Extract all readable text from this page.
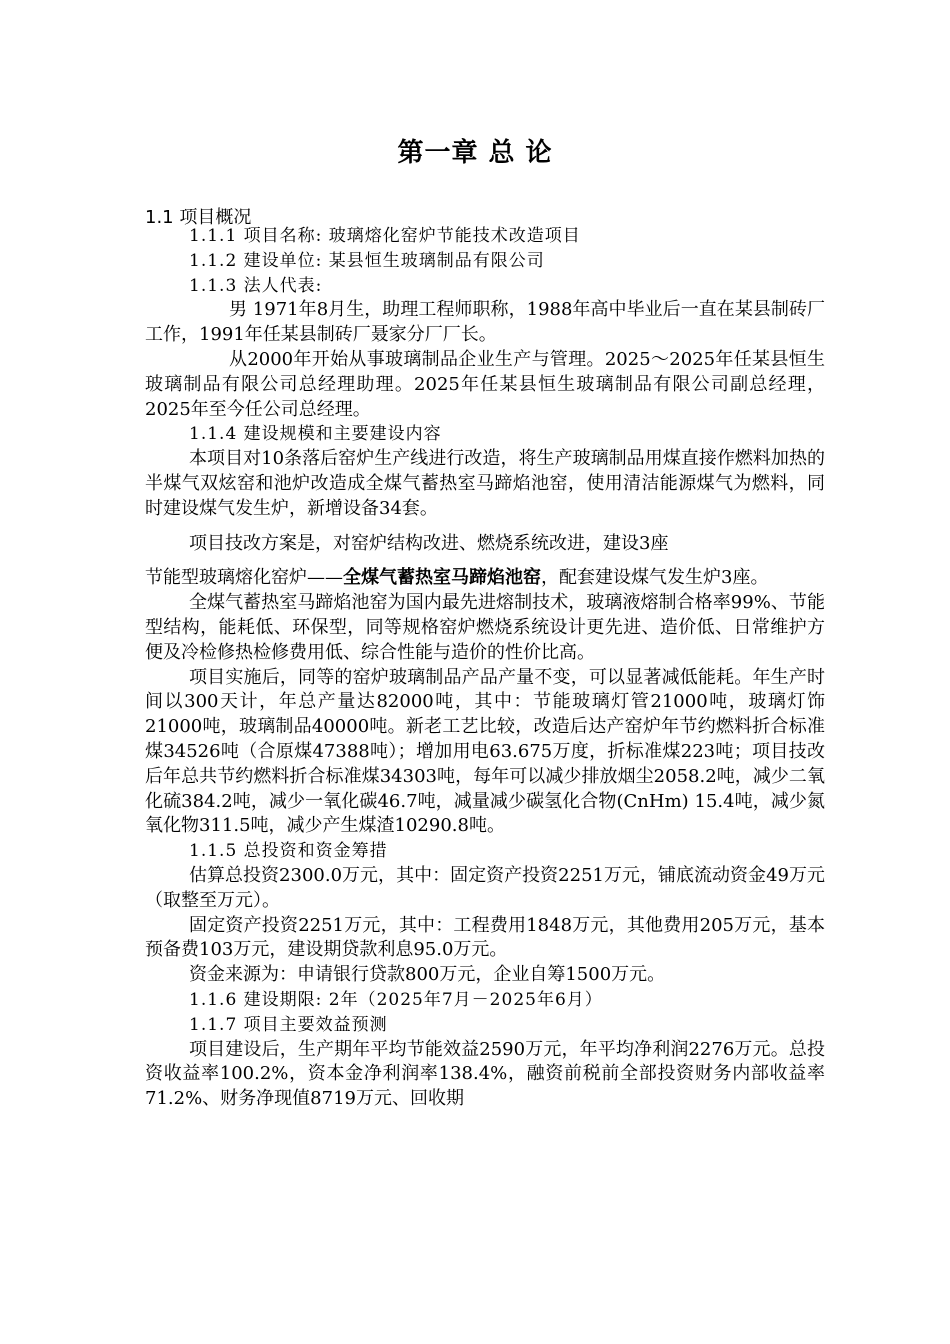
第一章 总 论
1.1 项目概况

1.1.1 项目名称: 玻璃熔化窑炉节能技术改造项目

1.1.2 建设单位: 某县恒生玻璃制品有限公司

1.1.3 法人代表:

男 1971年8月生，助理工程师职称，1988年高中毕业后一直在某县制砖厂工作，1991年任某县制砖厂聂家分厂厂长。

从2000年开始从事玻璃制品企业生产与管理。2025～2025年任某县恒生玻璃制品有限公司总经理助理。2025年任某县恒生玻璃制品有限公司副总经理，2025年至今任公司总经理。

1.1.4 建设规模和主要建设内容

本项目对10条落后窑炉生产线进行改造，将生产玻璃制品用煤直接作燃料加热的半煤气双炫窑和池炉改造成全煤气蓄热室马蹄焰池窑，使用清洁能源煤气为燃料，同时建设煤气发生炉，新增设备34套。

项目技改方案是，对窑炉结构改进、燃烧系统改进，建设3座

节能型玻璃熔化窑炉——全煤气蓄热室马蹄焰池窑，配套建设煤气发生炉3座。

全煤气蓄热室马蹄焰池窑为国内最先进熔制技术，玻璃液熔制合格率99%、节能型结构，能耗低、环保型，同等规格窑炉燃烧系统设计更先进、造价低、日常维护方便及冷检修热检修费用低、综合性能与造价的性价比高。

项目实施后，同等的窑炉玻璃制品产品产量不变，可以显著减低能耗。年生产时间以300天计，年总产量达82000吨，其中：节能玻璃灯管21000吨，玻璃灯饰21000吨，玻璃制品40000吨。新老工艺比较，改造后达产窑炉年节约燃料折合标准煤34526吨（合原煤47388吨）；增加用电63.675万度，折标准煤223吨；项目技改后年总共节约燃料折合标准煤34303吨，每年可以减少排放烟尘2058.2吨，减少二氧化硫384.2吨，减少一氧化碳46.7吨，减量减少碳氢化合物(CnHm) 15.4吨，减少氮氧化物311.5吨，减少产生煤渣10290.8吨。

1.1.5 总投资和资金筹措

估算总投资2300.0万元，其中：固定资产投资2251万元，铺底流动资金49万元（取整至万元）。

固定资产投资2251万元，其中：工程费用1848万元，其他费用205万元，基本预备费103万元，建设期贷款利息95.0万元。

资金来源为：申请银行贷款800万元，企业自筹1500万元。

1.1.6 建设期限: 2年（2025年7月－2025年6月）

1.1.7 项目主要效益预测

项目建设后，生产期年平均节能效益2590万元，年平均净利润2276万元。总投资收益率100.2%，资本金净利润率138.4%，融资前税前全部投资财务内部收益率71.2%、财务净现值8719万元、回收期
